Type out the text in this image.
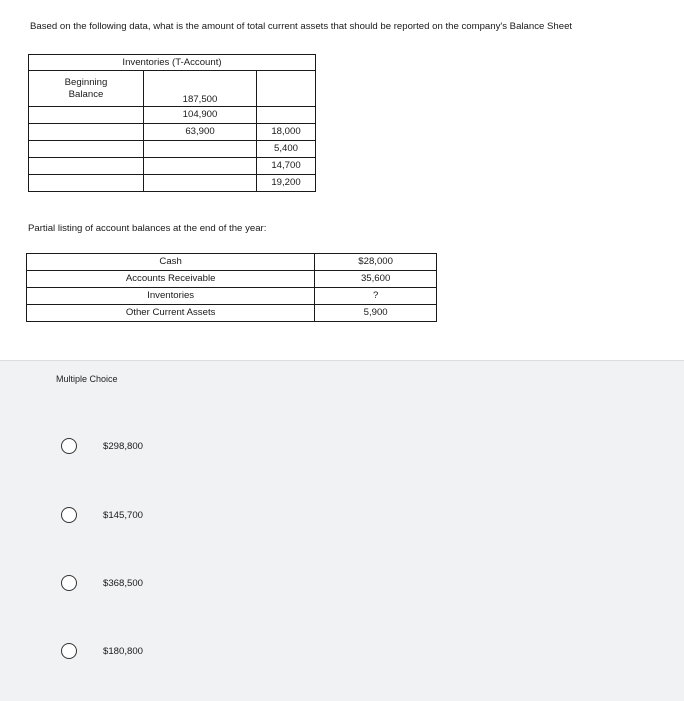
Based on the following data, what is the amount of total current assets that should be reported on the company's Balance Sheet
Inventories (T-Account)		

Beginning
Balance	187,500	
	104,900	
	63,900	18,000
		5,400
		14,700
		19,200
Partial listing of account balances at the end of the year:
Cash	$28,000
Accounts Receivable	35,600
Inventories	?
Other Current Assets	5,900
Multiple Choice
$298,800
$145,700
$368,500
$180,800
